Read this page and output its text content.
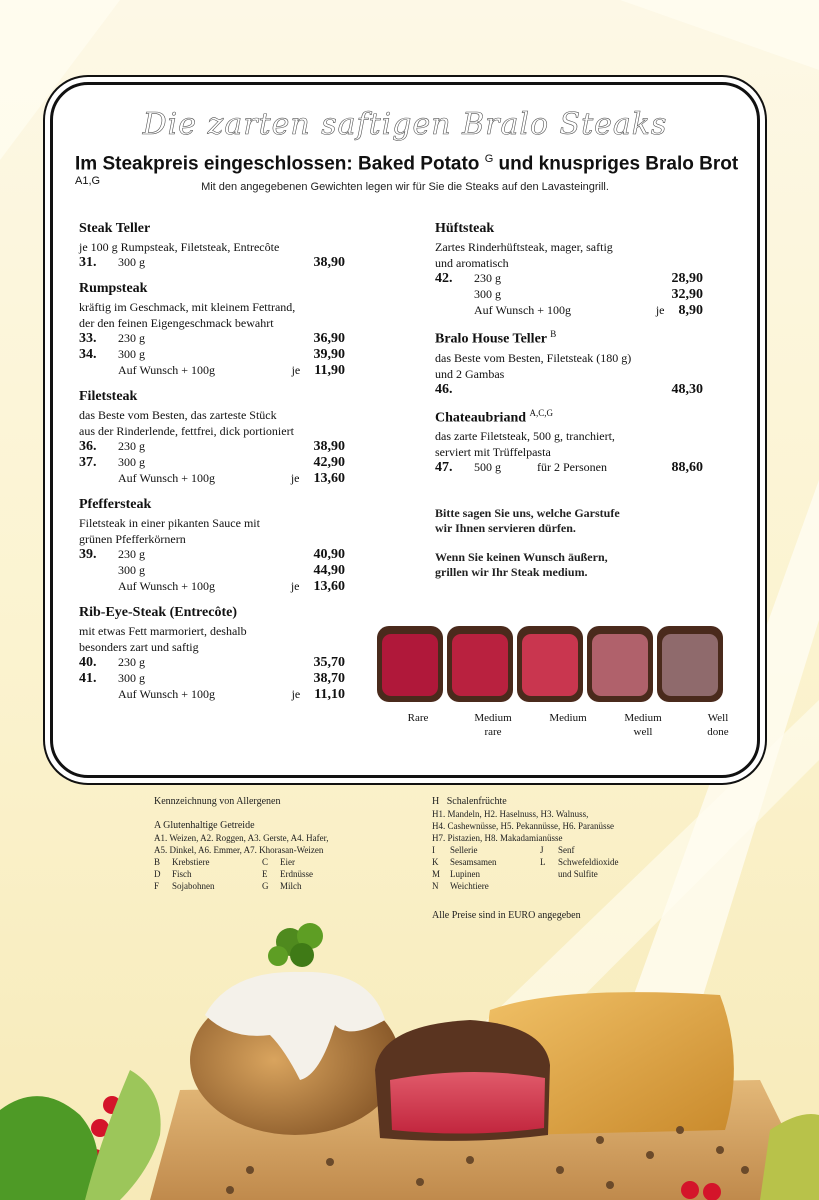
Die zarten saftigen Bralo Steaks
Im Steakpreis eingeschlossen: Baked Potato $^G$ und knuspriges Bralo Brot $^{A1,G}$	Mit den angegebenen Gewichten legen wir für Sie die Steaks auf den Lavasteingrill.
Steak Teller
je 100 g Rumpsteak, Filetsteak, Entrecôte
31.	300 g	38,90
Rumpsteak
kräftig im Geschmack, mit kleinem Fettrand,
der den feinen Eigengeschmack bewahrt
33.	230 g	36,90
34.	300 g	39,90
Auf Wunsch + 100g	je 11,90
Filetsteak
das Beste vom Besten, das zarteste Stück
aus der Rinderlende, fettfrei, dick portioniert
36.	230 g	38,90
37.	300 g	42,90
Auf Wunsch + 100g	je 13,60
Pfeffersteak
Filetsteak in einer pikanten Sauce mit
grünen Pfefferkörnern
39.	230 g	40,90
300 g	44,90
Auf Wunsch + 100g	je 13,60
Rib-Eye-Steak (Entrecôte)
mit etwas Fett marmoriert, deshalb
besonders zart und saftig
40.	230 g	35,70
41.	300 g	38,70
Auf Wunsch + 100g	je 11,10
Hüftsteak
Zartes Rinderhüftsteak, mager, saftig
und aromatisch
42.	230 g	28,90
300 g	32,90
Auf Wunsch + 100g	je 8,90
Bralo House Teller $^B$
das Beste vom Besten, Filetsteak (180 g)
und 2 Gambas
46.	48,30
Chateaubriand $^{A,C,G}$
das zarte Filetsteak, 500 g, tranchiert,
serviert mit Trüffelpasta
47.	500 g	für 2 Personen	88,60
Bitte sagen Sie uns, welche Garstufe
wir Ihnen servieren dürfen.
Wenn Sie keinen Wunsch äußern,
grillen wir Ihr Steak medium.
Rare	Medium
rare
Medium	Medium
well
Well
done
Kennzeichnung von Allergenen
A Glutenhaltige Getreide
A1. Weizen, A2. Roggen, A3. Gerste, A4. Hafer,
A5. Dinkel, A6. Emmer, A7. Khorasan-Weizen
B	Krebstiere	C	Eier
D	Fisch	E	Erdnüsse
F	Sojabohnen	G	Milch
H   Schalenfrüchte
H1. Mandeln, H2. Haselnuss, H3. Walnuss,
H4. Cashewnüsse, H5. Pekannüsse, H6. Paranüsse
H7. Pistazien, H8. Makadamianüsse
I	Sellerie	J	Senf
K	Sesamsamen	L	Schwefeldioxide
M	Lupinen	und Sulfite
N	Weichtiere
Alle Preise sind in EURO angegeben
